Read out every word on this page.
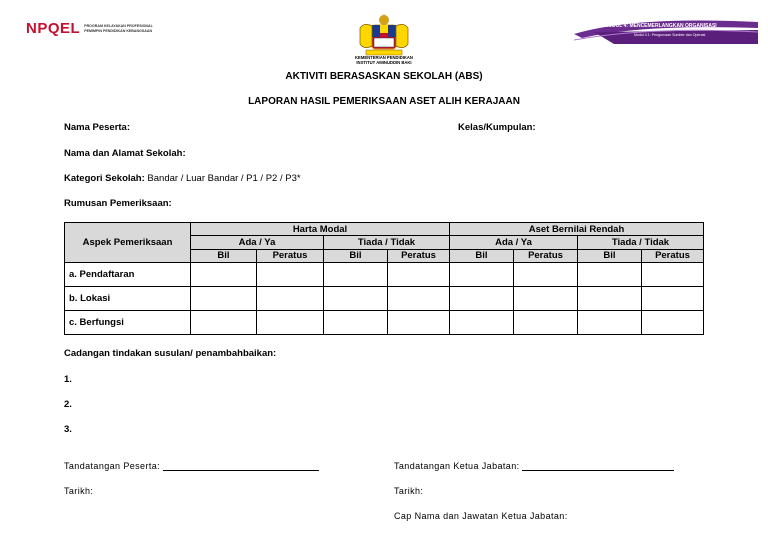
NPQEL PROGRAM KELAYAKAN PROFESIONAL
PEMIMPIN PENDIDIKAN KEBANGSAAN
KEMENTERIAN PENDIDIKAN
INSTITUT AMINUDDIN BAKI
MODUL 4: MENCEMERLANGKAN ORGANISASI
Modul 4.1: Pengurusan Sumber dan Operasi
AKTIVITI BERASASKAN SEKOLAH (ABS)
LAPORAN HASIL PEMERIKSAAN ASET ALIH KERAJAAN
Nama Peserta:	Kelas/Kumpulan:
Nama dan Alamat Sekolah:
Kategori Sekolah: Bandar / Luar Bandar / P1 / P2 / P3*
Rumusan Pemeriksaan:
Aspek Pemeriksaan	Harta Modal				Aset Bernilai Rendah			
	Ada / Ya		Tiada / Tidak		Ada / Ya		Tiada / Tidak	
	Bil	Peratus	Bil	Peratus	Bil	Peratus	Bil	Peratus
a. Pendaftaran								
b. Lokasi								
c. Berfungsi								
Cadangan tindakan susulan/ penambahbaikan:
1.
2.
3.
Tandatangan Peserta:	Tandatangan Ketua Jabatan:
Tarikh:	Tarikh:
Cap Nama dan Jawatan Ketua Jabatan:
